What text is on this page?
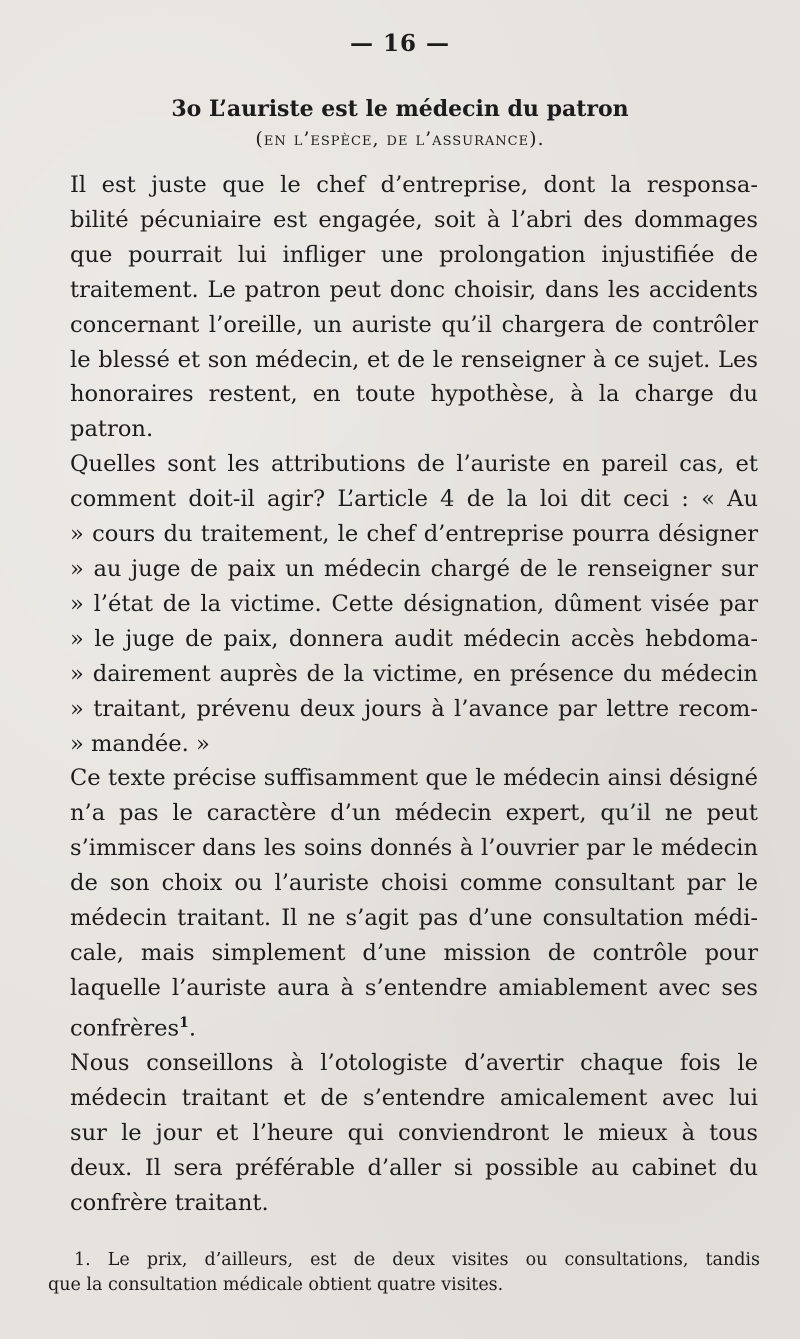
— 16 —
3o L’auriste est le médecin du patron
(en l’espèce, de l’assurance).

Il est juste que le chef d’entreprise, dont la responsa-
bilité pécuniaire est engagée, soit à l’abri des dommages
que pourrait lui infliger une prolongation injustifiée de
traitement. Le patron peut donc choisir, dans les accidents
concernant l’oreille, un auriste qu’il chargera de contrôler
le blessé et son médecin, et de le renseigner à ce sujet. Les
honoraires restent, en toute hypothèse, à la charge du
patron.

Quelles sont les attributions de l’auriste en pareil cas, et
comment doit-il agir? L’article 4 de la loi dit ceci : « Au
» cours du traitement, le chef d’entreprise pourra désigner
» au juge de paix un médecin chargé de le renseigner sur
» l’état de la victime. Cette désignation, dûment visée par
» le juge de paix, donnera audit médecin accès hebdoma-
» dairement auprès de la victime, en présence du médecin
» traitant, prévenu deux jours à l’avance par lettre recom-
» mandée. »

Ce texte précise suffisamment que le médecin ainsi désigné
n’a pas le caractère d’un médecin expert, qu’il ne peut
s’immiscer dans les soins donnés à l’ouvrier par le médecin
de son choix ou l’auriste choisi comme consultant par le
médecin traitant. Il ne s’agit pas d’une consultation médi-
cale, mais simplement d’une mission de contrôle pour
laquelle l’auriste aura à s’entendre amiablement avec ses
confrères$^1$.

Nous conseillons à l’otologiste d’avertir chaque fois le
médecin traitant et de s’entendre amicalement avec lui
sur le jour et l’heure qui conviendront le mieux à tous
deux. Il sera préférable d’aller si possible au cabinet du
confrère traitant.

1. Le prix, d’ailleurs, est de deux visites ou consultations, tandis
que la consultation médicale obtient quatre visites.
